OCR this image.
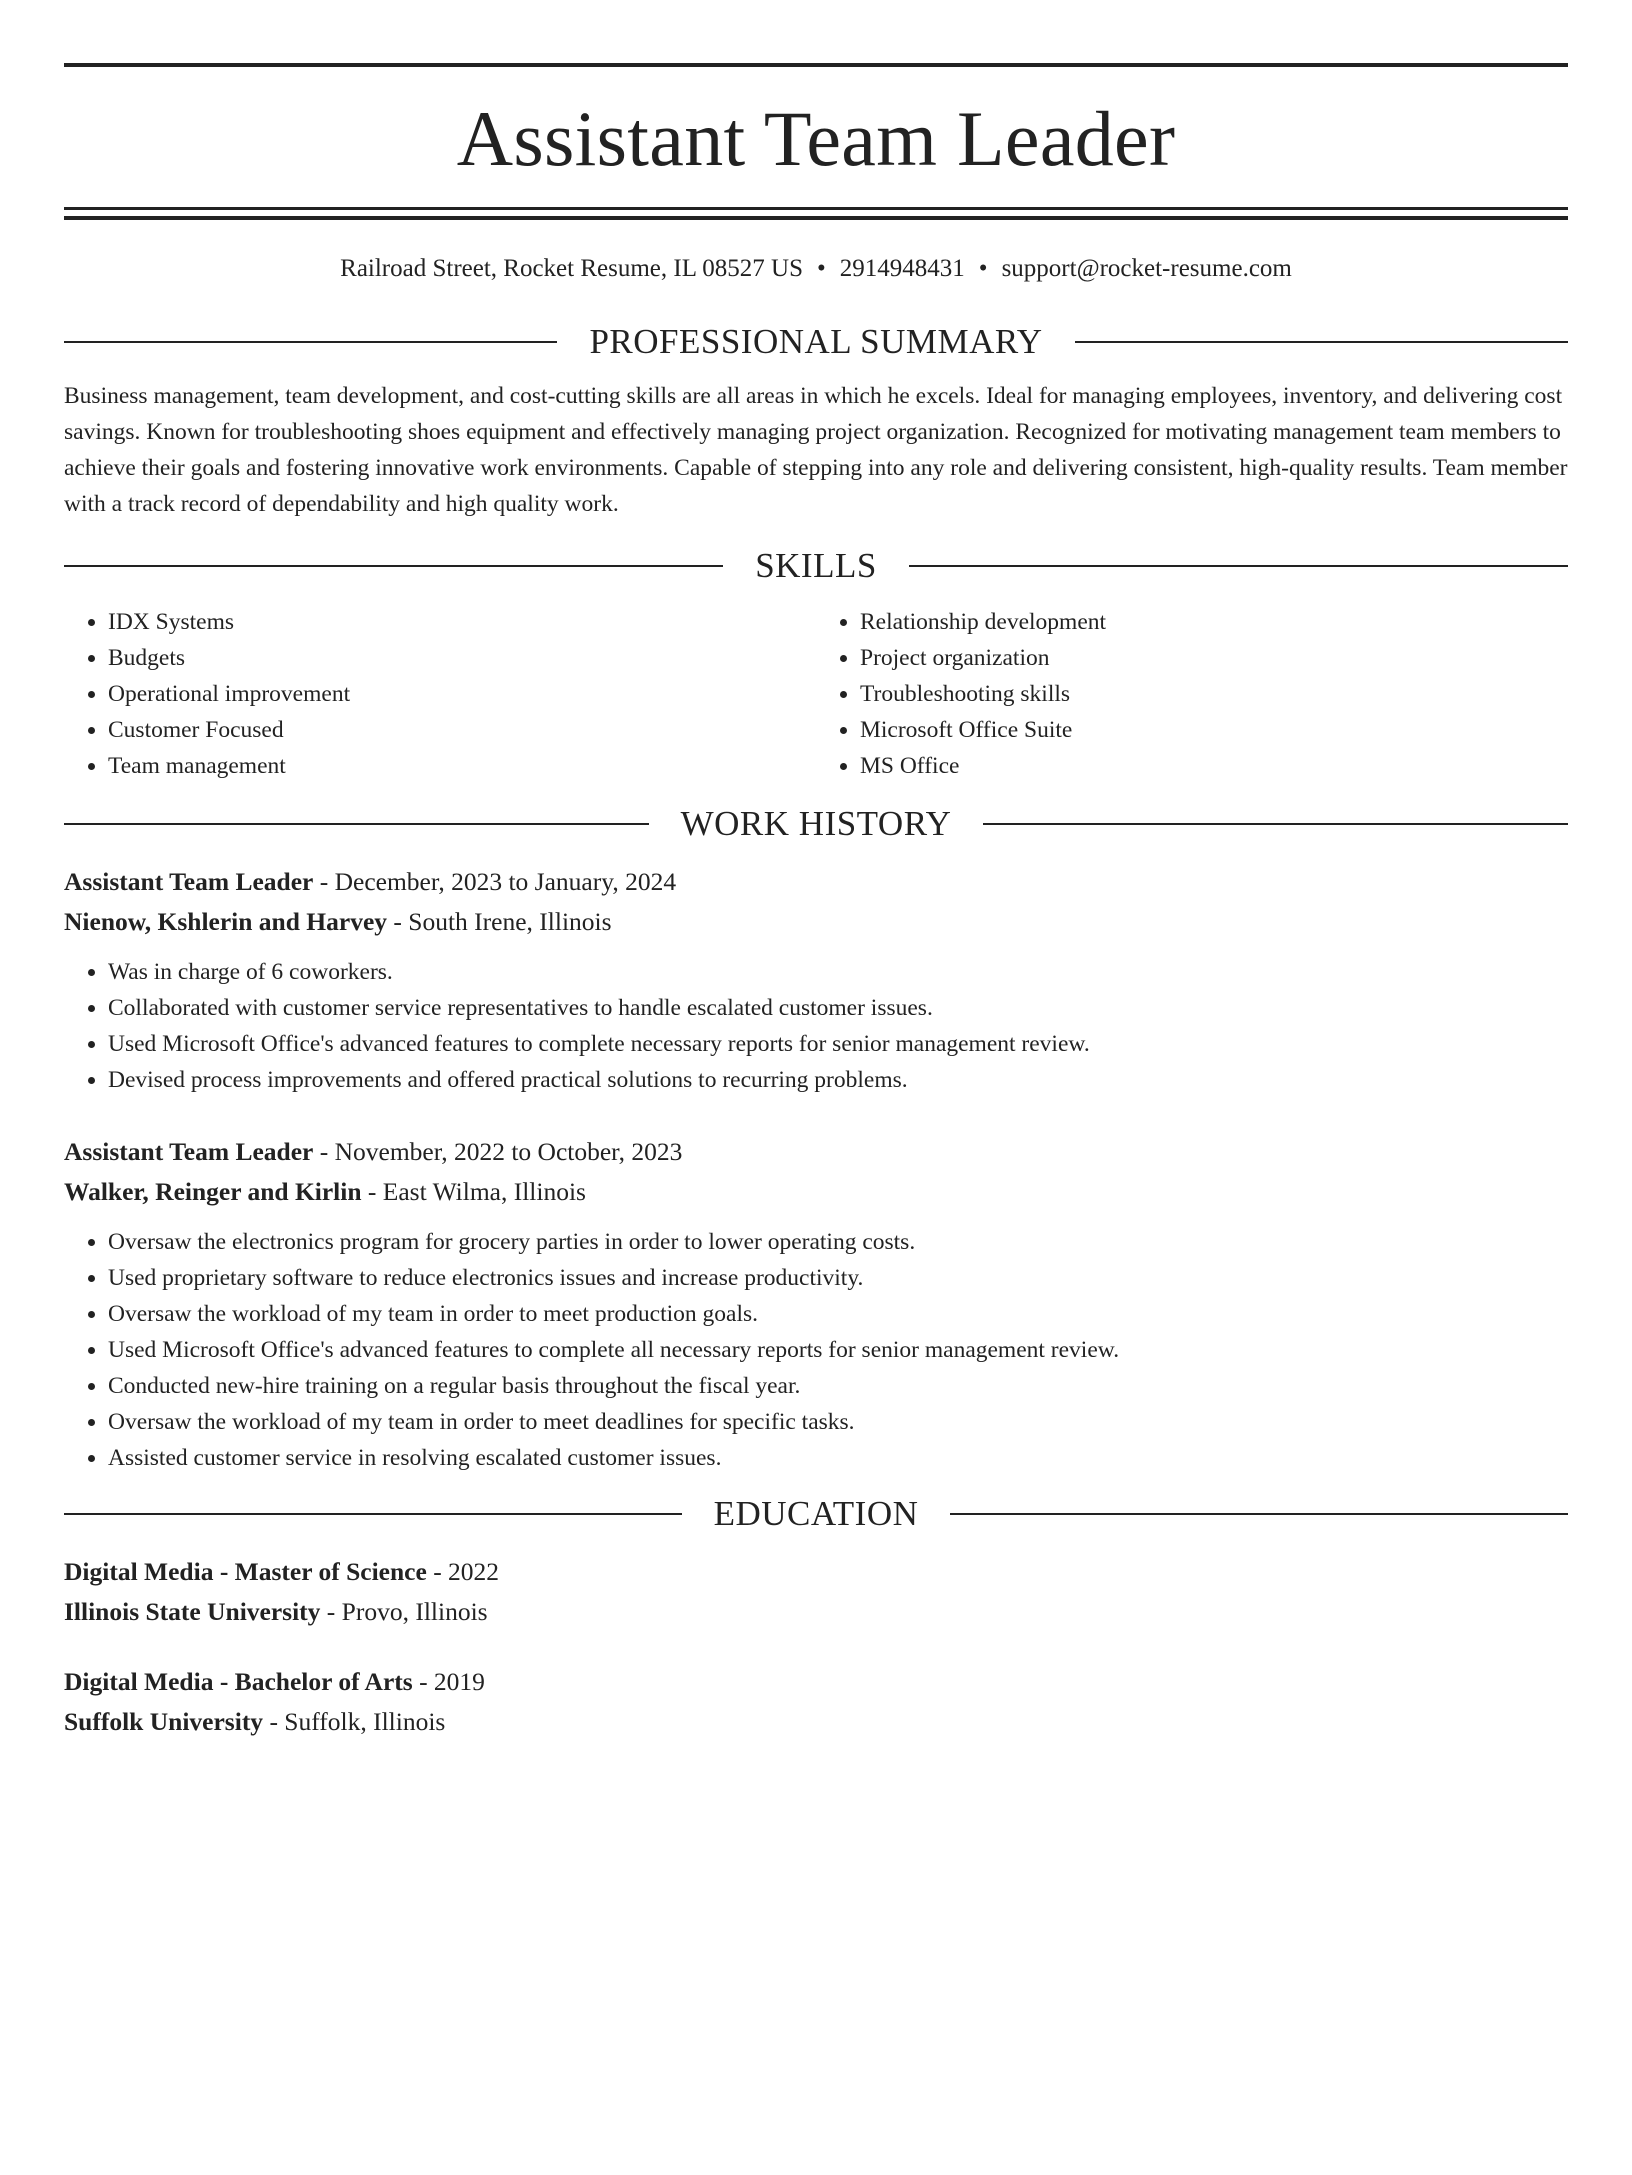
Assistant Team Leader
Railroad Street, Rocket Resume, IL 08527 US • 2914948431 • support@rocket-resume.com
PROFESSIONAL SUMMARY

Business management, team development, and cost-cutting skills are all areas in which he excels. Ideal for managing employees, inventory, and delivering cost savings. Known for troubleshooting shoes equipment and effectively managing project organization. Recognized for motivating management team members to achieve their goals and fostering innovative work environments. Capable of stepping into any role and delivering consistent, high-quality results. Team member with a track record of dependability and high quality work.

SKILLS
• IDX Systems
• Budgets
• Operational improvement
• Customer Focused
• Team management
• Relationship development
• Project organization
• Troubleshooting skills
• Microsoft Office Suite
• MS Office
WORK HISTORY
Assistant Team Leader - December, 2023 to January, 2024
Nienow, Kshlerin and Harvey - South Irene, Illinois
• Was in charge of 6 coworkers.
• Collaborated with customer service representatives to handle escalated customer issues.
• Used Microsoft Office's advanced features to complete necessary reports for senior management review.
• Devised process improvements and offered practical solutions to recurring problems.
Assistant Team Leader - November, 2022 to October, 2023
Walker, Reinger and Kirlin - East Wilma, Illinois
• Oversaw the electronics program for grocery parties in order to lower operating costs.
• Used proprietary software to reduce electronics issues and increase productivity.
• Oversaw the workload of my team in order to meet production goals.
• Used Microsoft Office's advanced features to complete all necessary reports for senior management review.
• Conducted new-hire training on a regular basis throughout the fiscal year.
• Oversaw the workload of my team in order to meet deadlines for specific tasks.
• Assisted customer service in resolving escalated customer issues.
EDUCATION
Digital Media - Master of Science - 2022
Illinois State University - Provo, Illinois
Digital Media - Bachelor of Arts - 2019
Suffolk University - Suffolk, Illinois
